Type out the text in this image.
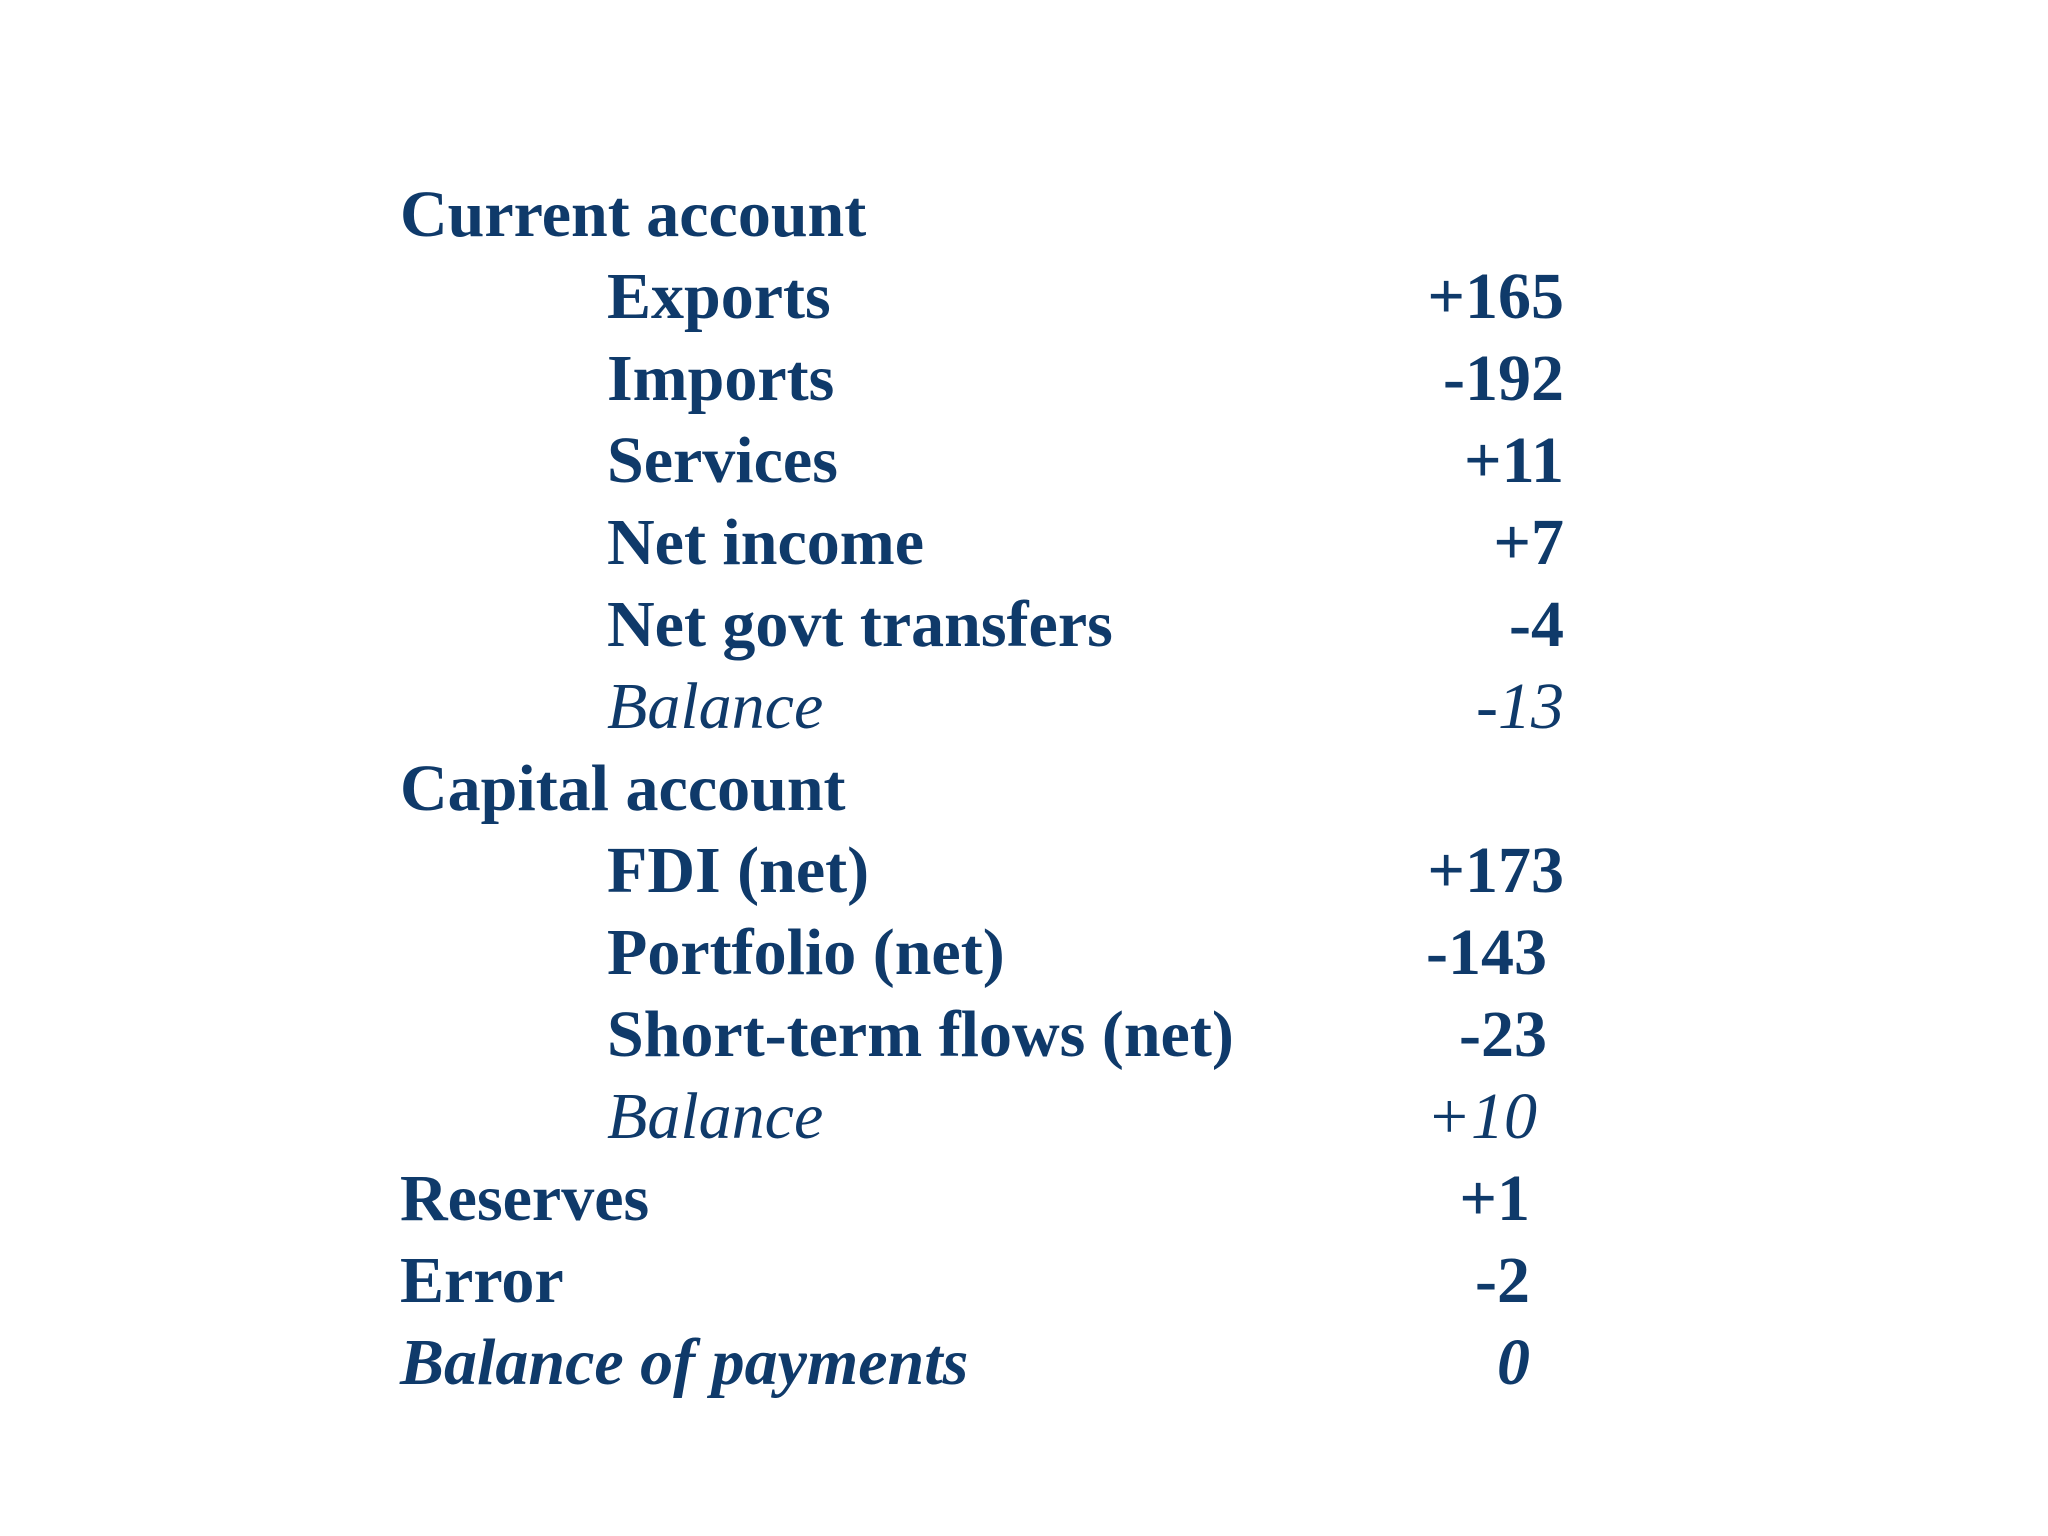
Current account
Exports	+165
Imports	-192
Services	+11
Net income	+7
Net govt transfers	-4
Balance	-13
Capital account
FDI (net)	+173
Portfolio (net)	-143
Short-term flows (net)	-23
Balance	+10
Reserves	+1
Error	-2
Balance of payments	0
